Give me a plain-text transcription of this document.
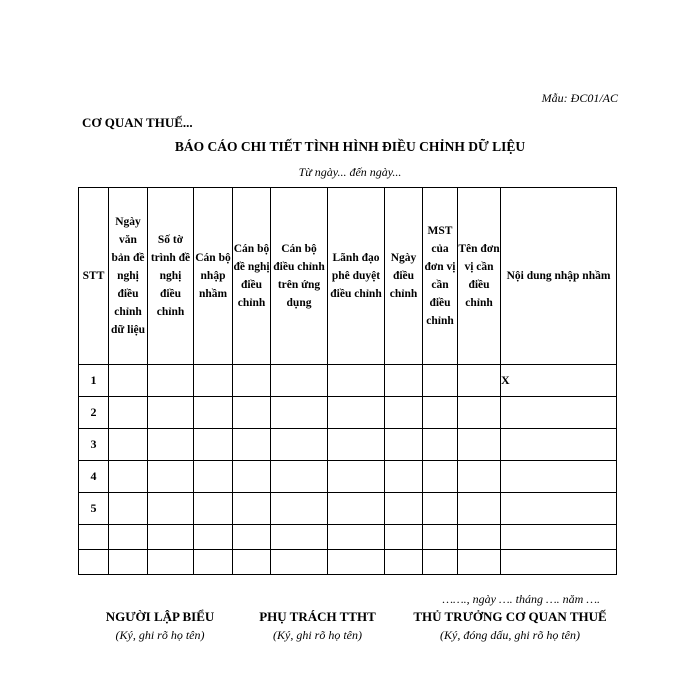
Mẫu: ĐC01/AC
CƠ QUAN THUẾ...
BÁO CÁO CHI TIẾT TÌNH HÌNH ĐIỀU CHỈNH DỮ LIỆU
Từ ngày... đến ngày...
STT	Ngày văn bản đề nghị điều chỉnh dữ liệu	Số tờ trình đề nghị điều chỉnh	Cán bộ nhập nhầm	Cán bộ đề nghị điều chỉnh	Cán bộ điều chỉnh trên ứng dụng	Lãnh đạo phê duyệt điều chỉnh	Ngày điều chỉnh	MST của đơn vị cần điều chỉnh	Tên đơn vị cần điều chỉnh	Nội dung nhập nhầm
1										X
2										
3										
4										
5										

……., ngày …. tháng …. năm ….
NGƯỜI LẬP BIỂU
(Ký, ghi rõ họ tên)
PHỤ TRÁCH TTHT
(Ký, ghi rõ họ tên)
THỦ TRƯỞNG CƠ QUAN THUẾ
(Ký, đóng dấu, ghi rõ họ tên)
